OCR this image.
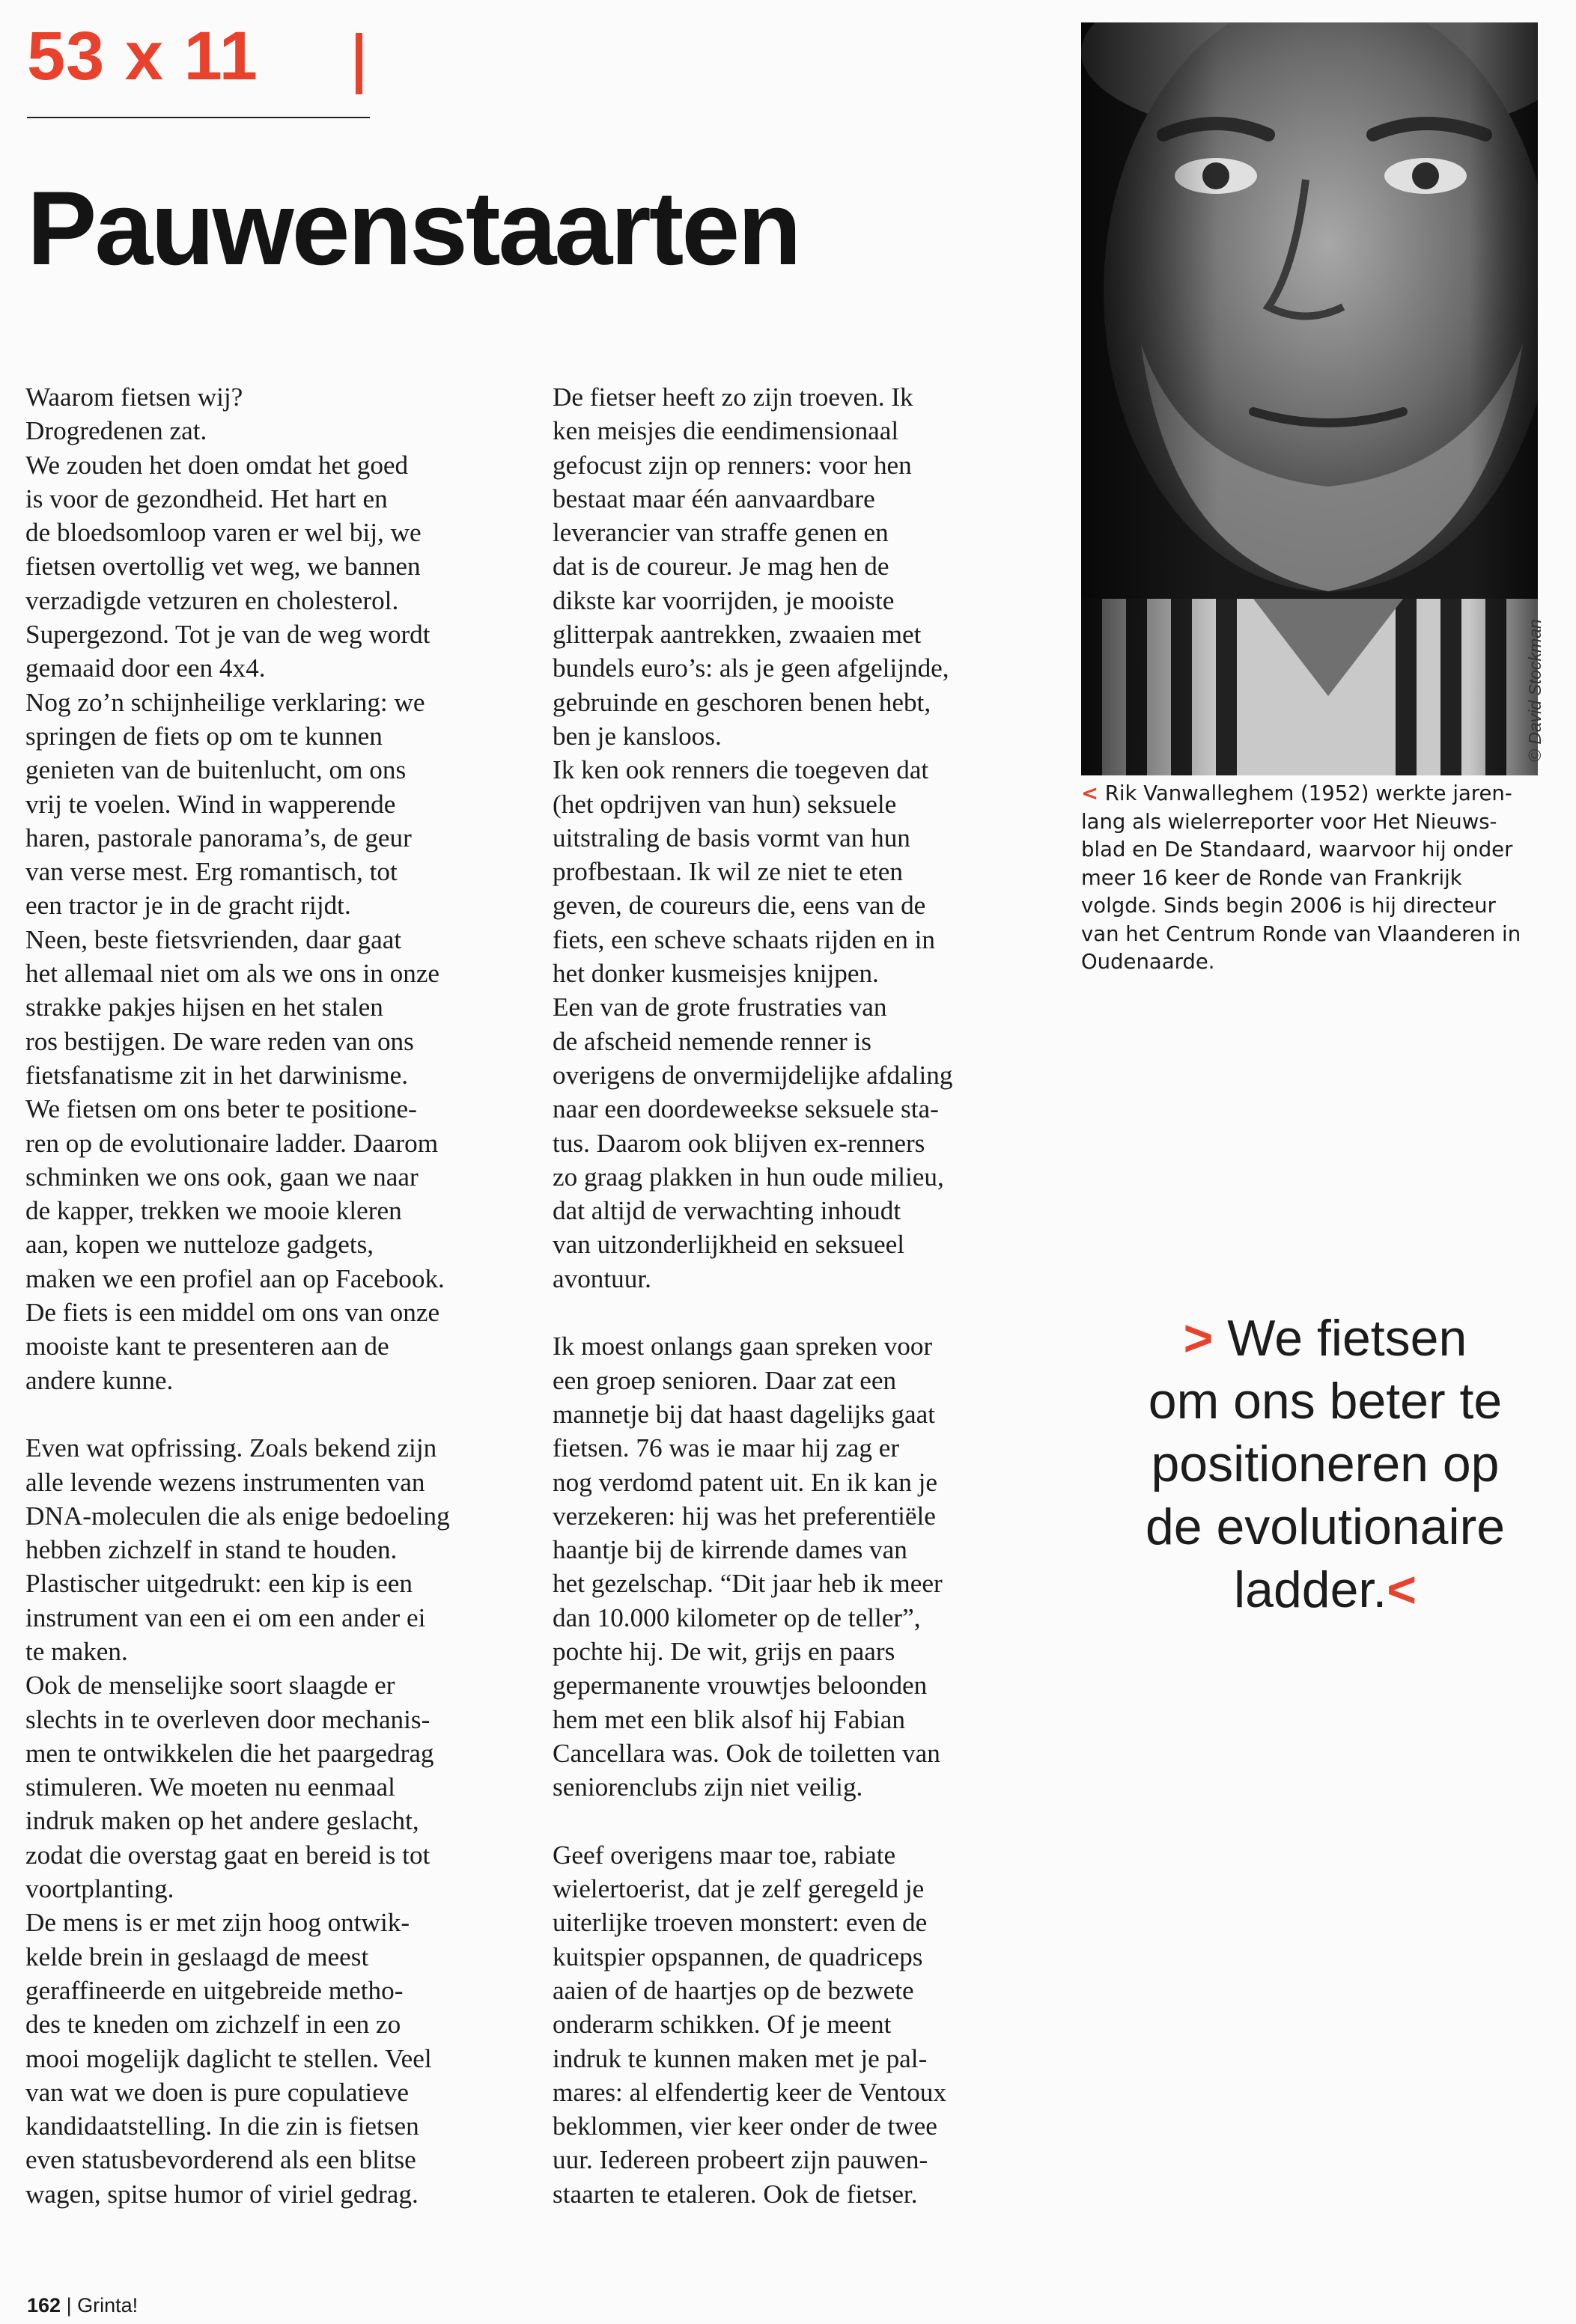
53 x 11
Pauwenstaarten

Waarom fietsen wij?
Drogredenen zat.
We zouden het doen omdat het goed
is voor de gezondheid. Het hart en
de bloedsomloop varen er wel bij, we
fietsen overtollig vet weg, we bannen
verzadigde vetzuren en cholesterol.
Supergezond. Tot je van de weg wordt
gemaaid door een 4x4.
Nog zo’n schijnheilige verklaring: we
springen de fiets op om te kunnen
genieten van de buitenlucht, om ons
vrij te voelen. Wind in wapperende
haren, pastorale panorama’s, de geur
van verse mest. Erg romantisch, tot
een tractor je in de gracht rijdt.
Neen, beste fietsvrienden, daar gaat
het allemaal niet om als we ons in onze
strakke pakjes hijsen en het stalen
ros bestijgen. De ware reden van ons
fietsfanatisme zit in het darwinisme.
We fietsen om ons beter te positione-
ren op de evolutionaire ladder. Daarom
schminken we ons ook, gaan we naar
de kapper, trekken we mooie kleren
aan, kopen we nutteloze gadgets,
maken we een profiel aan op Facebook.
De fiets is een middel om ons van onze
mooiste kant te presenteren aan de
andere kunne.

Even wat opfrissing. Zoals bekend zijn
alle levende wezens instrumenten van
DNA-moleculen die als enige bedoeling
hebben zichzelf in stand te houden.
Plastischer uitgedrukt: een kip is een
instrument van een ei om een ander ei
te maken.
Ook de menselijke soort slaagde er
slechts in te overleven door mechanis-
men te ontwikkelen die het paargedrag
stimuleren. We moeten nu eenmaal
indruk maken op het andere geslacht,
zodat die overstag gaat en bereid is tot
voortplanting.
De mens is er met zijn hoog ontwik-
kelde brein in geslaagd de meest
geraffineerde en uitgebreide metho-
des te kneden om zichzelf in een zo
mooi mogelijk daglicht te stellen. Veel
van wat we doen is pure copulatieve
kandidaatstelling. In die zin is fietsen
even statusbevorderend als een blitse
wagen, spitse humor of viriel gedrag.

De fietser heeft zo zijn troeven. Ik
ken meisjes die eendimensionaal
gefocust zijn op renners: voor hen
bestaat maar één aanvaardbare
leverancier van straffe genen en
dat is de coureur. Je mag hen de
dikste kar voorrijden, je mooiste
glitterpak aantrekken, zwaaien met
bundels euro’s: als je geen afgelijnde,
gebruinde en geschoren benen hebt,
ben je kansloos.
Ik ken ook renners die toegeven dat
(het opdrijven van hun) seksuele
uitstraling de basis vormt van hun
profbestaan. Ik wil ze niet te eten
geven, de coureurs die, eens van de
fiets, een scheve schaats rijden en in
het donker kusmeisjes knijpen.
Een van de grote frustraties van
de afscheid nemende renner is
overigens de onvermijdelijke afdaling
naar een doordeweekse seksuele sta-
tus. Daarom ook blijven ex-renners
zo graag plakken in hun oude milieu,
dat altijd de verwachting inhoudt
van uitzonderlijkheid en seksueel
avontuur.

Ik moest onlangs gaan spreken voor
een groep senioren. Daar zat een
mannetje bij dat haast dagelijks gaat
fietsen. 76 was ie maar hij zag er
nog verdomd patent uit. En ik kan je
verzekeren: hij was het preferentiële
haantje bij de kirrende dames van
het gezelschap. “Dit jaar heb ik meer
dan 10.000 kilometer op de teller”,
pochte hij. De wit, grijs en paars
gepermanente vrouwtjes beloonden
hem met een blik alsof hij Fabian
Cancellara was. Ook de toiletten van
seniorenclubs zijn niet veilig.

Geef overigens maar toe, rabiate
wielertoerist, dat je zelf geregeld je
uiterlijke troeven monstert: even de
kuitspier opspannen, de quadriceps
aaien of de haartjes op de bezwete
onderarm schikken. Of je meent
indruk te kunnen maken met je pal-
mares: al elfendertig keer de Ventoux
beklommen, vier keer onder de twee
uur. Iedereen probeert zijn pauwen-
staarten te etaleren. Ook de fietser.

© David Stockman
< Rik Vanwalleghem (1952) werkte jaren-
lang als wielerreporter voor Het Nieuws-
blad en De Standaard, waarvoor hij onder
meer 16 keer de Ronde van Frankrijk
volgde. Sinds begin 2006 is hij directeur
van het Centrum Ronde van Vlaanderen in
Oudenaarde.
> We fietsen
om ons beter te
positioneren op
de evolutionaire
ladder.<
162 | Grinta!
